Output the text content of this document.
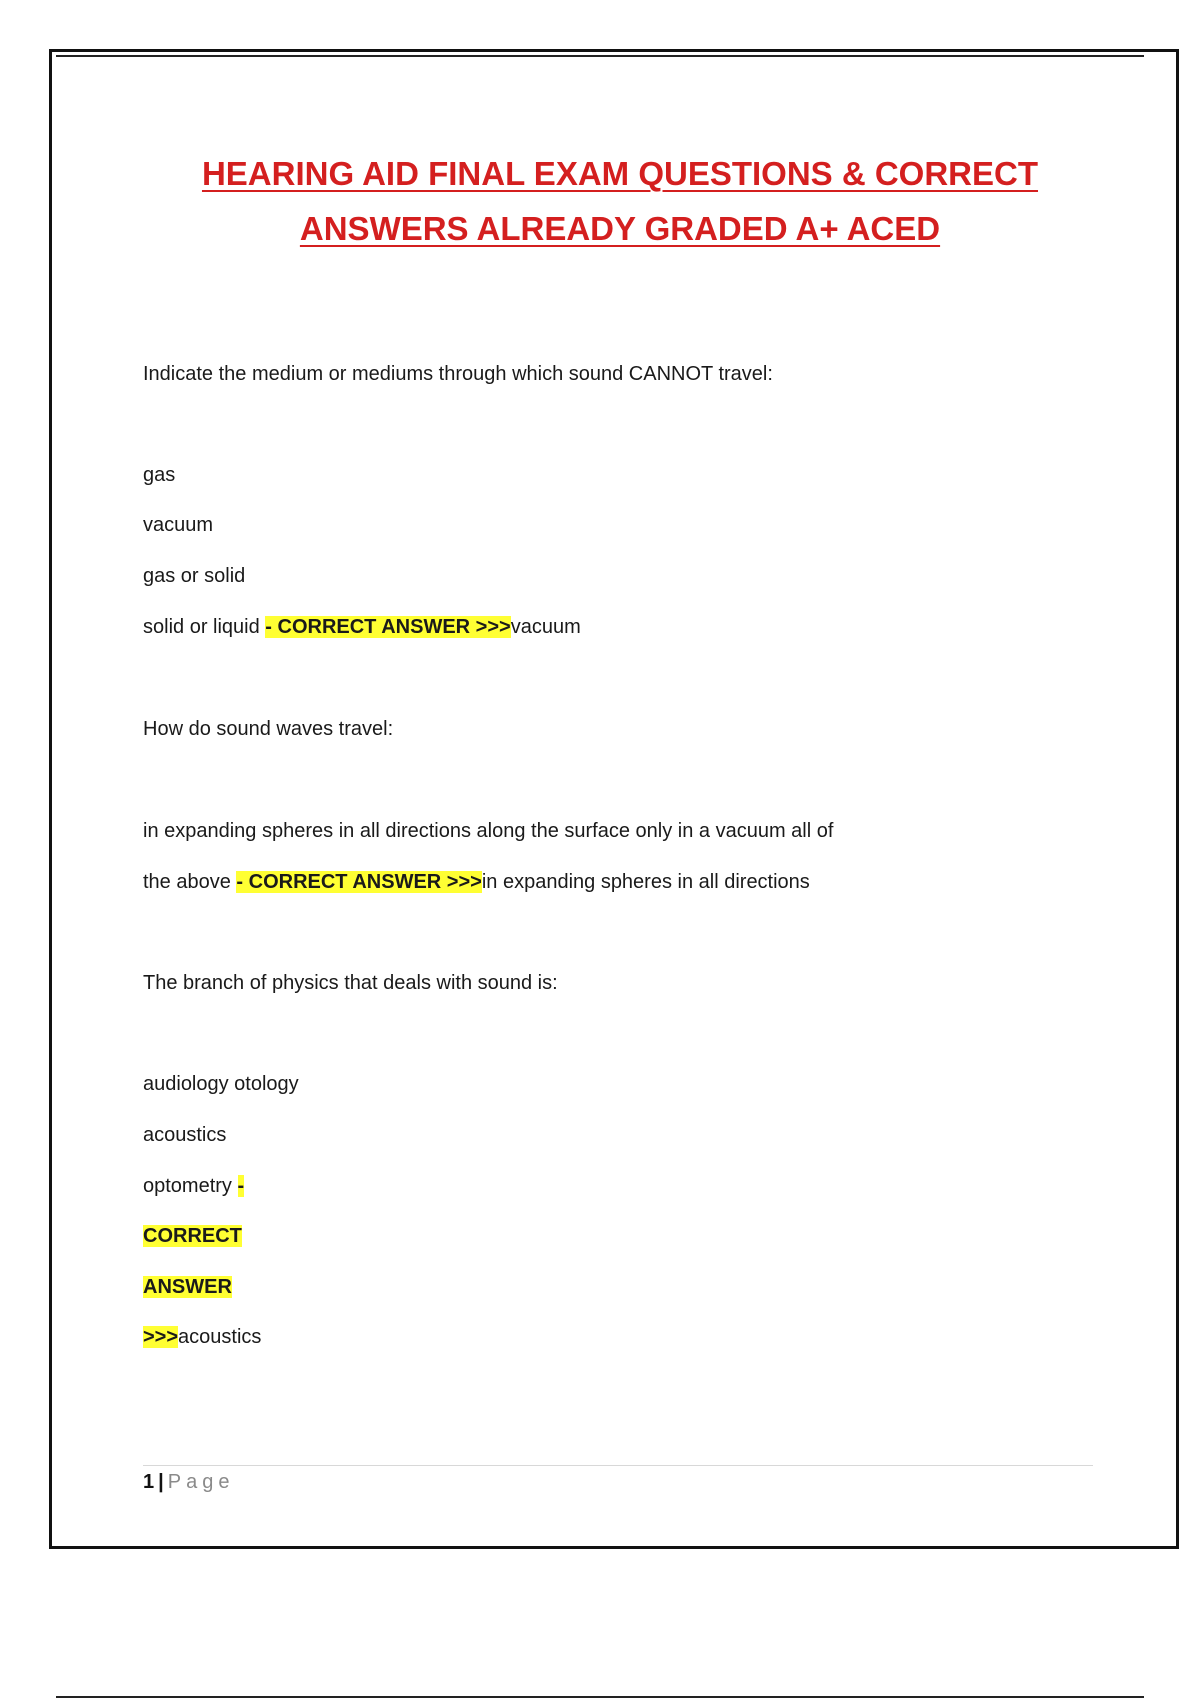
HEARING AID FINAL EXAM QUESTIONS & CORRECT
ANSWERS ALREADY GRADED A+ ACED
Indicate the medium or mediums through which sound CANNOT travel:
gas
vacuum
gas or solid
solid or liquid - CORRECT ANSWER >>>vacuum
How do sound waves travel:
in expanding spheres in all directions along the surface only in a vacuum all of
the above - CORRECT ANSWER >>>in expanding spheres in all directions
The branch of physics that deals with sound is:
audiology otology
acoustics
optometry -
CORRECT
ANSWER
>>>acoustics
1 | Page
